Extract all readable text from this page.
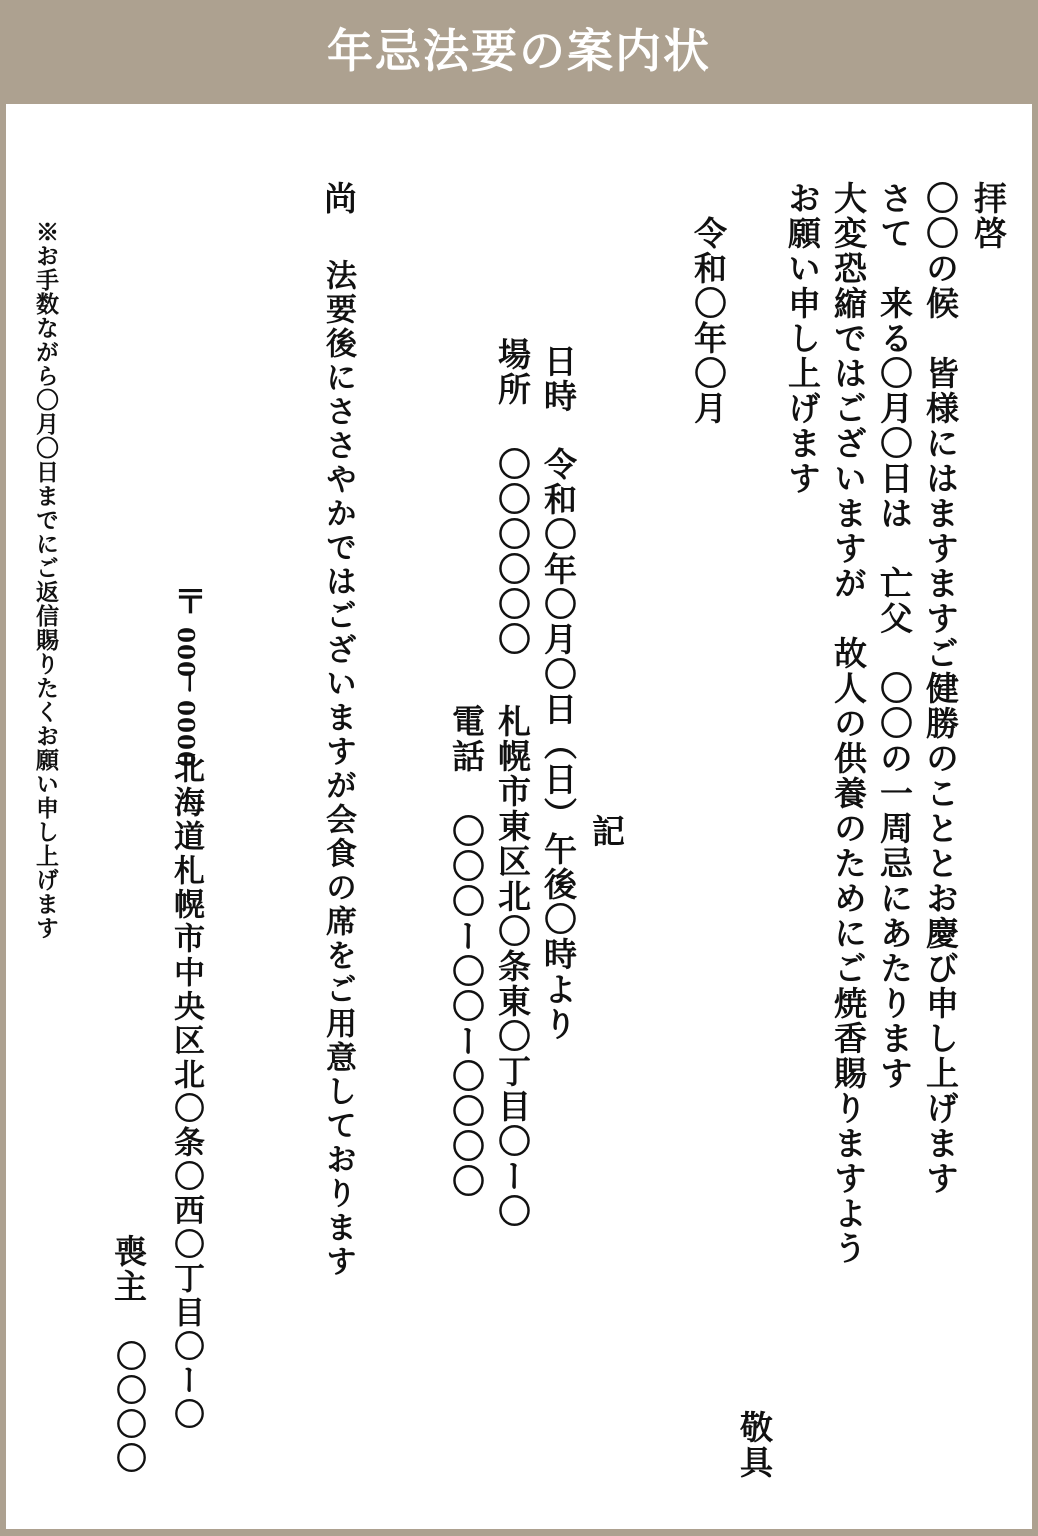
年忌法要の案内状
拝啓
〇〇の候　皆様にはますますご健勝のこととお慶び申し上げます
さて　来る〇月〇日は　亡父　〇〇の一周忌にあたります
大変恐縮ではございますが　故人の供養のためにご焼香賜りますよう
お願い申し上げます
敬具
令和〇年〇月
記
日時
令和〇年〇月〇日（日）午後〇時より
場所
〇〇〇〇〇〇
札幌市東区北〇条東〇丁目〇ー〇
電話
〇〇〇ー〇〇ー〇〇〇〇
尚
法要後にささやかではございますが会食の席をご用意しております
〒
000
ー
0000
北海道札幌市中央区北〇条〇西〇丁目〇ー〇
喪主
〇〇〇〇
※お手数ながら〇月〇日までにご返信賜りたくお願い申し上げます
